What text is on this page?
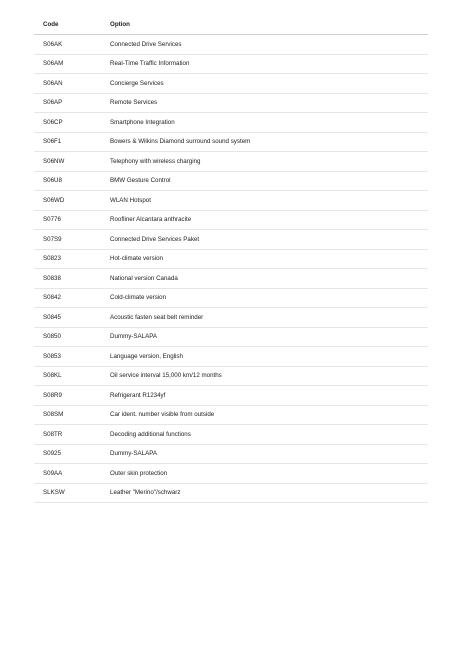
Code	Option
S06AK	Connected Drive Services
S06AM	Real-Time Traffic Information
S06AN	Concierge Services
S06AP	Remote Services
S06CP	Smartphone Integration
S06F1	Bowers & Wilkins Diamond surround sound system
S06NW	Telephony with wireless charging
S06U8	BMW Gesture Control
S06WD	WLAN Hotspot
S0776	Roofliner Alcantara anthracite
S07S9	Connected Drive Services Paket
S0823	Hot-climate version
S0838	National version Canada
S0842	Cold-climate version
S0845	Acoustic fasten seat belt reminder
S0850	Dummy-SALAPA
S0853	Language version, English
S08KL	Oil service interval 15,000 km/12 months
S08R9	Refrigerant R1234yf
S08SM	Car ident. number visible from outside
S08TR	Decoding additional functions
S0925	Dummy-SALAPA
S09AA	Outer skin protection
SLKSW	Leather "Merino"/schwarz
